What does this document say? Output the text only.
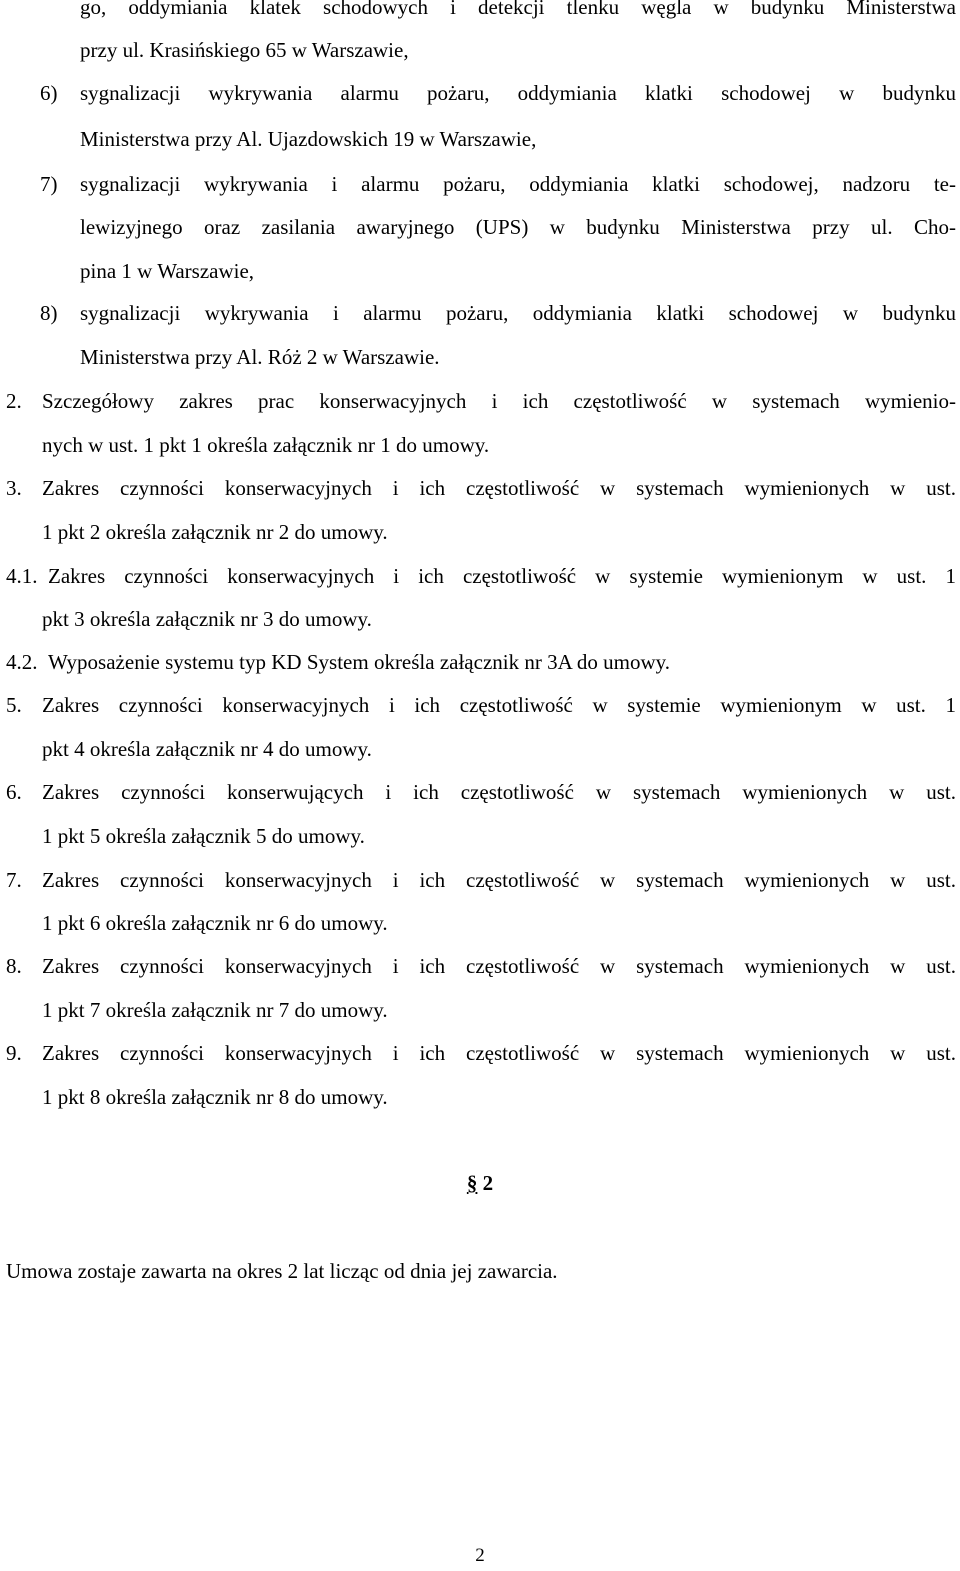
go, oddymiania klatek schodowych i detekcji tlenku węgla w budynku Ministerstwa
przy ul. Krasińskiego 65 w Warszawie,
6) sygnalizacji wykrywania alarmu pożaru, oddymiania klatki schodowej w budynku
Ministerstwa przy Al. Ujazdowskich 19 w Warszawie,
7) sygnalizacji wykrywania i alarmu pożaru, oddymiania klatki schodowej, nadzoru te-
lewizyjnego oraz zasilania awaryjnego (UPS) w budynku Ministerstwa przy ul. Cho-
pina 1 w Warszawie,
8) sygnalizacji wykrywania i alarmu pożaru, oddymiania klatki schodowej w budynku
Ministerstwa przy Al. Róż 2 w Warszawie.
2. Szczegółowy zakres prac konserwacyjnych i ich częstotliwość w systemach wymienio-
nych w ust. 1 pkt 1 określa załącznik nr 1 do umowy.
3. Zakres czynności konserwacyjnych i ich częstotliwość w systemach wymienionych w ust.
1 pkt 2 określa załącznik nr 2 do umowy.
4.1. Zakres czynności konserwacyjnych i ich częstotliwość w systemie wymienionym w ust. 1
pkt 3 określa załącznik nr 3 do umowy.
4.2. Wyposażenie systemu typ KD System określa załącznik nr 3A do umowy.
5. Zakres czynności konserwacyjnych i ich częstotliwość w systemie wymienionym w ust. 1
pkt 4 określa załącznik nr 4 do umowy.
6. Zakres czynności konserwujących i ich częstotliwość w systemach wymienionych w ust.
1 pkt 5 określa załącznik 5 do umowy.
7. Zakres czynności konserwacyjnych i ich częstotliwość w systemach wymienionych w ust.
1 pkt 6 określa załącznik nr 6 do umowy.
8. Zakres czynności konserwacyjnych i ich częstotliwość w systemach wymienionych w ust.
1 pkt 7 określa załącznik nr 7 do umowy.
9. Zakres czynności konserwacyjnych i ich częstotliwość w systemach wymienionych w ust.
1 pkt 8 określa załącznik nr 8 do umowy.
§ 2
Umowa zostaje zawarta na okres 2 lat licząc od dnia jej zawarcia.
2
